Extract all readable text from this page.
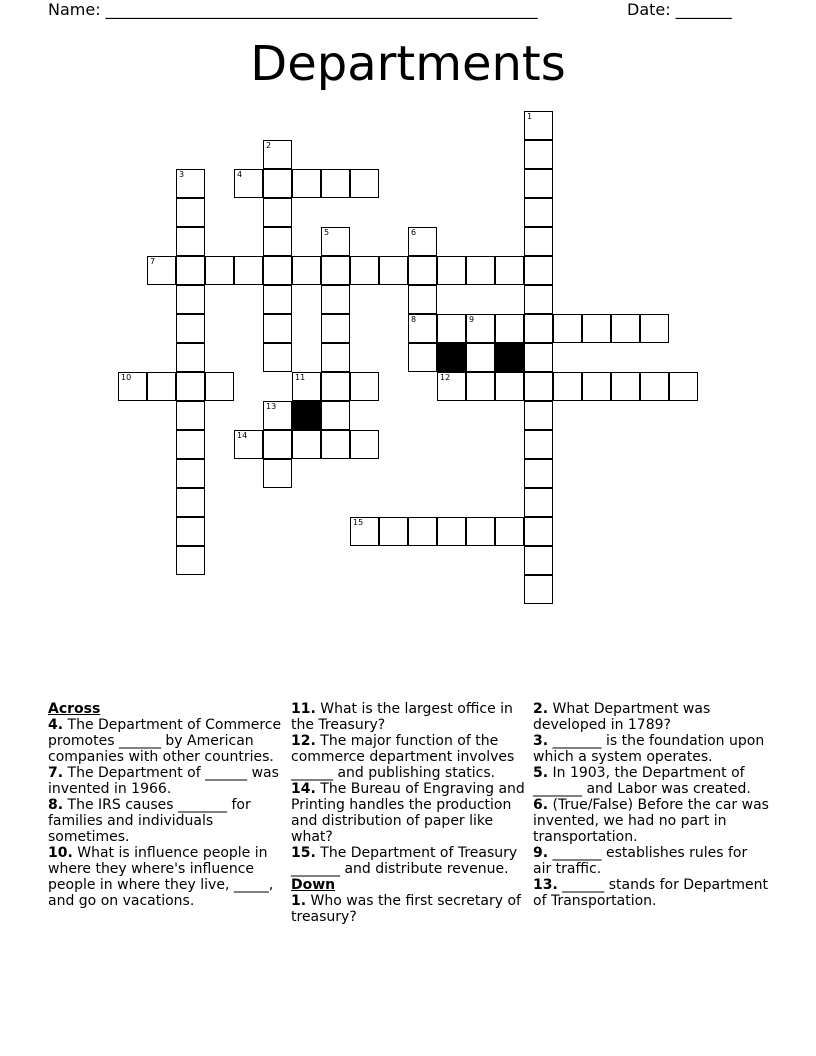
Name: ______________________________________________________	Date: _______
Departments
1
2
3	4
5	6
7
8	9
10	11	12
13
14
15
Across

4. The Department of Commerce promotes ______ by American companies with other countries.

7. The Department of ______ was invented in 1966.

8. The IRS causes _______ for families and individuals sometimes.

10. What is influence people in where they where's influence people in where they live, _____, and go on vacations.

11. What is the largest office in the Treasury?

12. The major function of the commerce department involves ______ and publishing statics.

14. The Bureau of Engraving and Printing handles the production and distribution of paper like what?

15. The Department of Treasury _______ and distribute revenue.

Down

1. Who was the first secretary of treasury?

2. What Department was developed in 1789?

3. _______ is the foundation upon which a system operates.

5. In 1903, the Department of _______ and Labor was created.

6. (True/False) Before the car was invented, we had no part in transportation.

9. _______ establishes rules for air traffic.

13. ______ stands for Department of Transportation.
